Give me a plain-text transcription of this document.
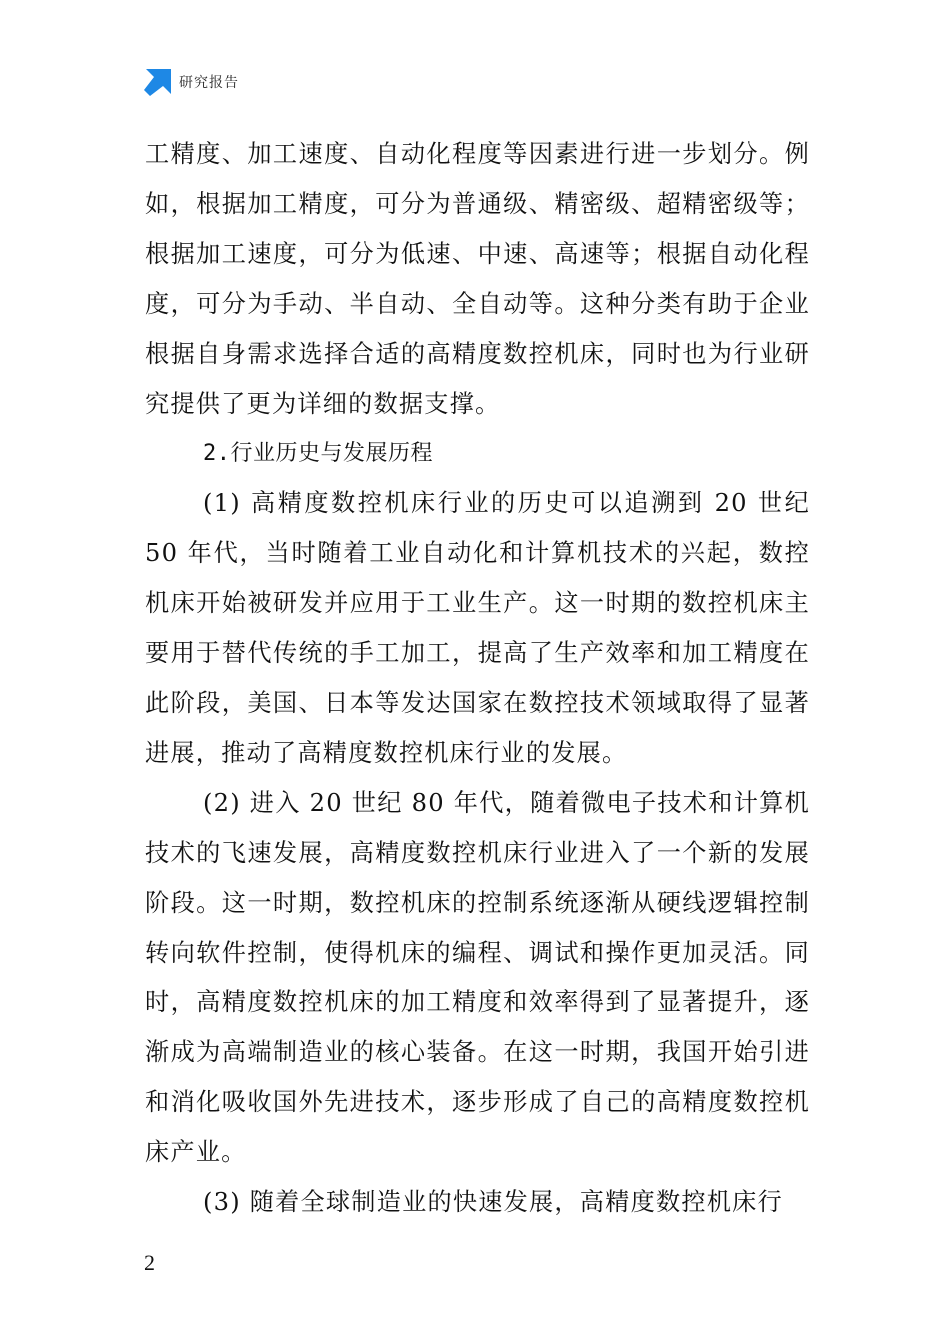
研究报告

工精度、加工速度、自动化程度等因素进行进一步划分。例如，根据加工精度，可分为普通级、精密级、超精密级等；根据加工速度，可分为低速、中速、高速等；根据自动化程度，可分为手动、半自动、全自动等。这种分类有助于企业根据自身需求选择合适的高精度数控机床，同时也为行业研究提供了更为详细的数据支撑。

2.行业历史与发展历程

(1) 高精度数控机床行业的历史可以追溯到 20 世纪 50 年代，当时随着工业自动化和计算机技术的兴起，数控机床开始被研发并应用于工业生产。这一时期的数控机床主要用于替代传统的手工加工，提高了生产效率和加工精度在此阶段，美国、日本等发达国家在数控技术领域取得了显著进展，推动了高精度数控机床行业的发展。

(2) 进入 20 世纪 80 年代，随着微电子技术和计算机技术的飞速发展，高精度数控机床行业进入了一个新的发展阶段。这一时期，数控机床的控制系统逐渐从硬线逻辑控制转向软件控制，使得机床的编程、调试和操作更加灵活。同时，高精度数控机床的加工精度和效率得到了显著提升，逐渐成为高端制造业的核心装备。在这一时期，我国开始引进和消化吸收国外先进技术，逐步形成了自己的高精度数控机床产业。

(3) 随着全球制造业的快速发展，高精度数控机床行

2
